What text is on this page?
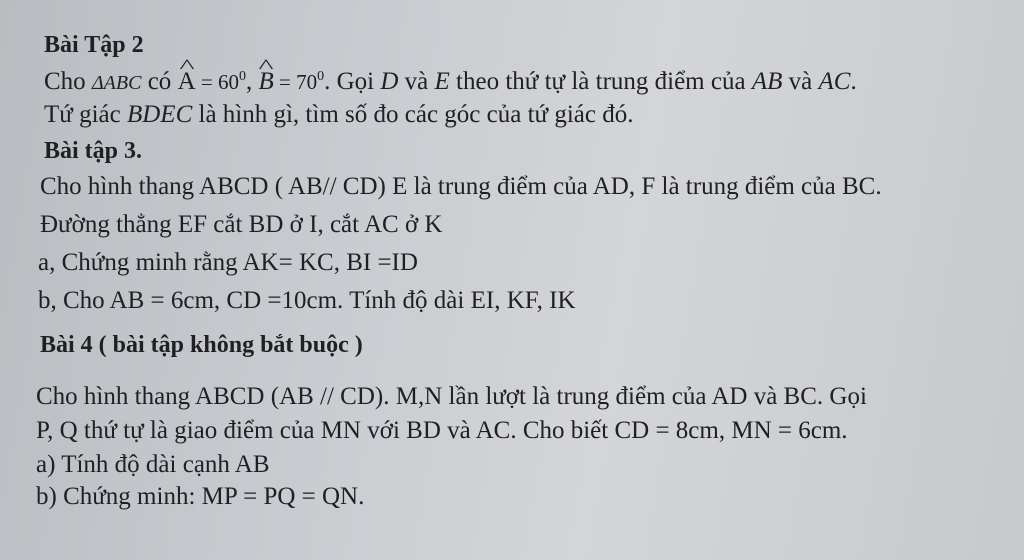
Bài Tập 2
Cho ΔABC có ^ $A = 60^0$, ^ $B = 70^0$. Gọi D và E theo thứ tự là trung điểm của AB và AC.
Tứ giác BDEC là hình gì, tìm số đo các góc của tứ giác đó.
Bài tập 3.
Cho hình thang ABCD ( AB// CD) E là trung điểm của AD, F là trung điểm của BC.
Đường thẳng EF cắt BD ở I, cắt AC ở K
a, Chứng minh rằng AK= KC, BI =ID
b, Cho AB = 6cm, CD =10cm. Tính độ dài EI, KF, IK
Bài 4 ( bài tập không bắt buộc )
Cho hình thang ABCD (AB // CD). M,N lần lượt là trung điểm của AD và BC. Gọi
P, Q thứ tự là giao điểm của MN với BD và AC. Cho biết CD = 8cm, MN = 6cm.
a) Tính độ dài cạnh AB
b) Chứng minh: MP = PQ = QN.
